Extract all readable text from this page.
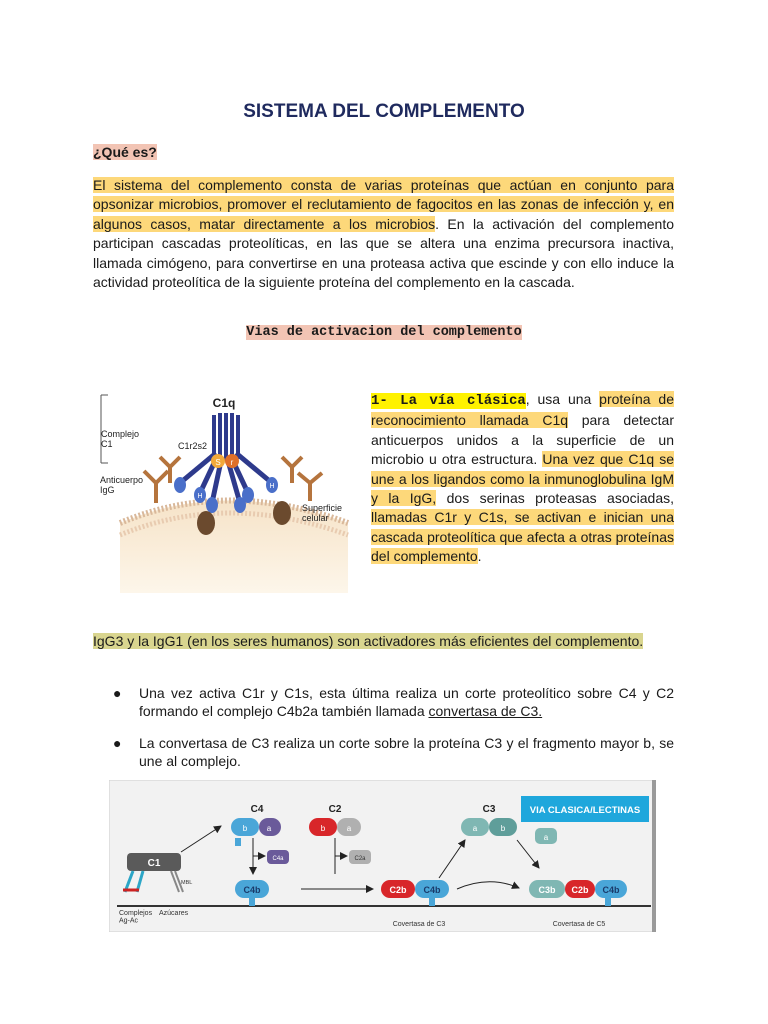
SISTEMA DEL COMPLEMENTO
¿Qué es?

El sistema del complemento consta de varias proteínas que actúan en conjunto para opsonizar microbios, promover el reclutamiento de fagocitos en las zonas de infección y, en algunos casos, matar directamente a los microbios. En la activación del complemento participan cascadas proteolíticas, en las que se altera una enzima precursora inactiva, llamada cimógeno, para convertirse en una proteasa activa que escinde y con ello induce la actividad proteolítica de la siguiente proteína del complemento en la cascada.

Vias de activacion del complemento
C1q
S r
H
H
Complejo C1	C1r2s2
Anticuerpo IgG
Superficie celular

1- La vía clásica, usa una proteína de reconocimiento llamada C1q para detectar anticuerpos unidos a la superficie de un microbio u otra estructura. Una vez que C1q se une a los ligandos como la inmunoglobulina IgM y la IgG, dos serinas proteasas asociadas, llamadas C1r y C1s, se activan e inician una cascada proteolítica que afecta a otras proteínas del complemento.

IgG3 y la IgG1 (en los seres humanos) son activadores más eficientes del complemento.

● Una vez activa C1r y C1s, esta última realiza un corte proteolítico sobre C4 y C2 formando el complejo C4b2a también llamada convertasa de C3.
● La convertasa de C3 realiza un corte sobre la proteína C3 y el fragmento mayor b, se une al complejo.
VIA CLASICA/LECTINAS
C1
MBL
Complejos Ag-Ac
Azúcares
C4
b a
C4a
C4b
C2
b	a
C2a
C2b C4b
Covertasa de C3
C3
a	b
a
C3b C2b C4b
Covertasa de C5
